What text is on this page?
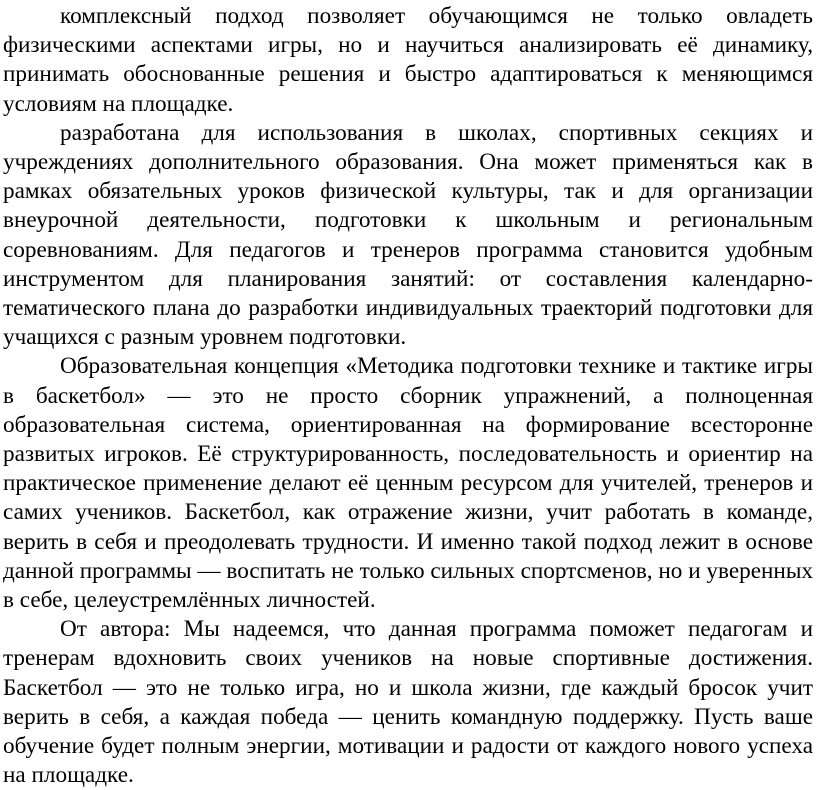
комплексный подход позволяет обучающимся не только овладеть физическими аспектами игры, но и научиться анализировать её динамику, принимать обоснованные решения и быстро адаптироваться к меняющимся условиям на площадке.

разработана для использования в школах, спортивных секциях и учреждениях дополнительного образования. Она может применяться как в рамках обязательных уроков физической культуры, так и для организации внеурочной деятельности, подготовки к школьным и региональным соревнованиям. Для педагогов и тренеров программа становится удобным инструментом для планирования занятий: от составления календарно-тематического плана до разработки индивидуальных траекторий подготовки для учащихся с разным уровнем подготовки.

Образовательная концепция «Методика подготовки технике и тактике игры в баскетбол» — это не просто сборник упражнений, а полноценная образовательная система, ориентированная на формирование всесторонне развитых игроков. Её структурированность, последовательность и ориентир на практическое применение делают её ценным ресурсом для учителей, тренеров и самих учеников. Баскетбол, как отражение жизни, учит работать в команде, верить в себя и преодолевать трудности. И именно такой подход лежит в основе данной программы — воспитать не только сильных спортсменов, но и уверенных в себе, целеустремлённых личностей.

От автора: Мы надеемся, что данная программа поможет педагогам и тренерам вдохновить своих учеников на новые спортивные достижения. Баскетбол — это не только игра, но и школа жизни, где каждый бросок учит верить в себя, а каждая победа — ценить командную поддержку. Пусть ваше обучение будет полным энергии, мотивации и радости от каждого нового успеха на площадке.
